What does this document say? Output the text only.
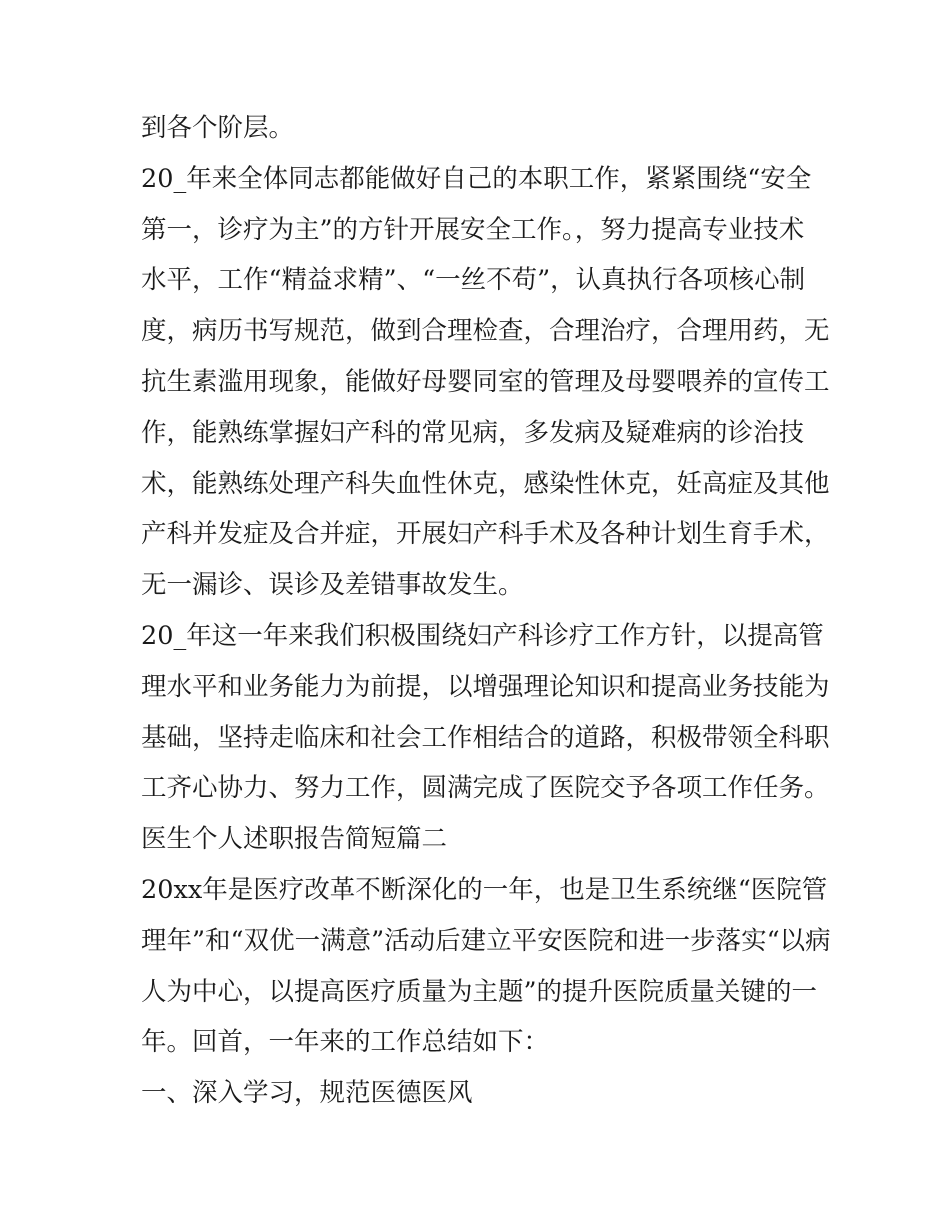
到各个阶层。
20_年来全体同志都能做好自己的本职工作，紧紧围绕“安全
第一，诊疗为主”的方针开展安全工作。，努力提高专业技术
水平，工作“精益求精”、“一丝不苟”，认真执行各项核心制
度，病历书写规范，做到合理检查，合理治疗，合理用药，无
抗生素滥用现象，能做好母婴同室的管理及母婴喂养的宣传工
作，能熟练掌握妇产科的常见病，多发病及疑难病的诊治技
术，能熟练处理产科失血性休克，感染性休克，妊高症及其他
产科并发症及合并症，开展妇产科手术及各种计划生育手术，
无一漏诊、误诊及差错事故发生。
20_年这一年来我们积极围绕妇产科诊疗工作方针，以提高管
理水平和业务能力为前提，以增强理论知识和提高业务技能为
基础，坚持走临床和社会工作相结合的道路，积极带领全科职
工齐心协力、努力工作，圆满完成了医院交予各项工作任务。
医生个人述职报告简短篇二
20xx年是医疗改革不断深化的一年，也是卫生系统继“医院管
理年”和“双优一满意”活动后建立平安医院和进一步落实“以病
人为中心，以提高医疗质量为主题”的提升医院质量关键的一
年。回首，一年来的工作总结如下：
一、深入学习，规范医德医风
